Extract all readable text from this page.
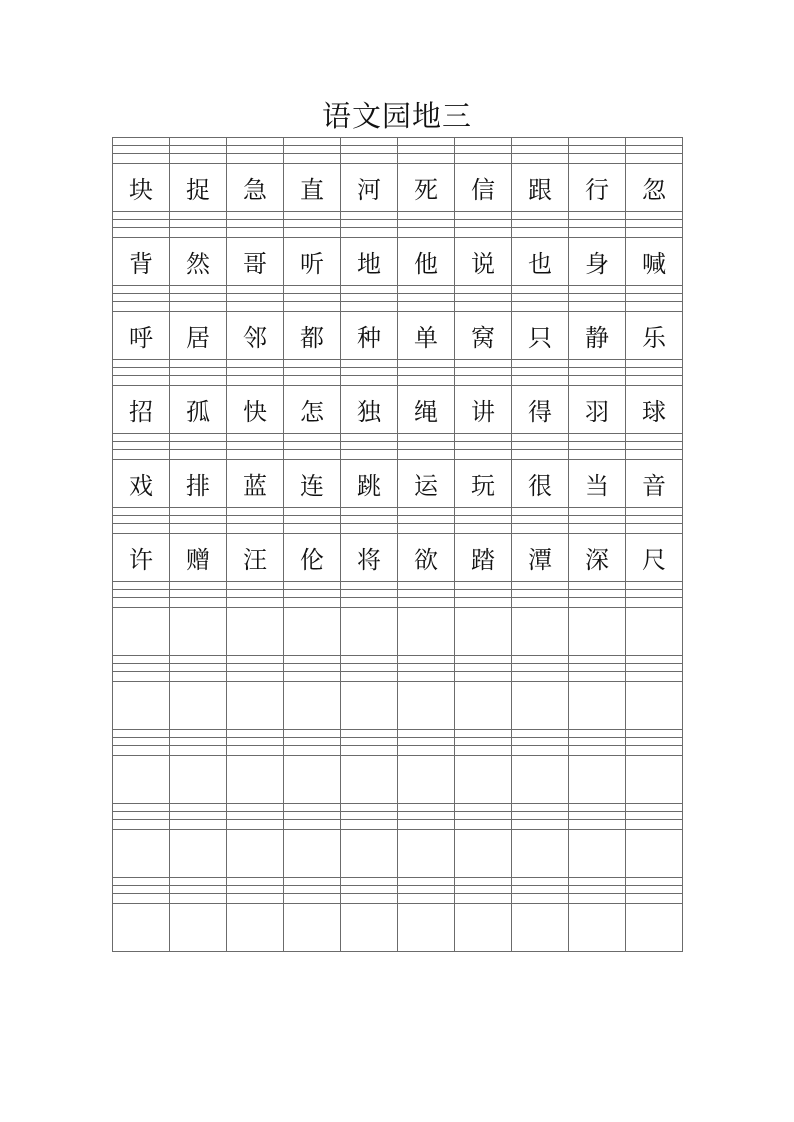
语文园地三
块	捉	急	直	河	死	信	跟	行	忽
背	然	哥	听	地	他	说	也	身	喊
呼	居	邻	都	种	单	窝	只	静	乐
招	孤	快	怎	独	绳	讲	得	羽	球
戏	排	蓝	连	跳	运	玩	很	当	音
许	赠	汪	伦	将	欲	踏	潭	深	尺
